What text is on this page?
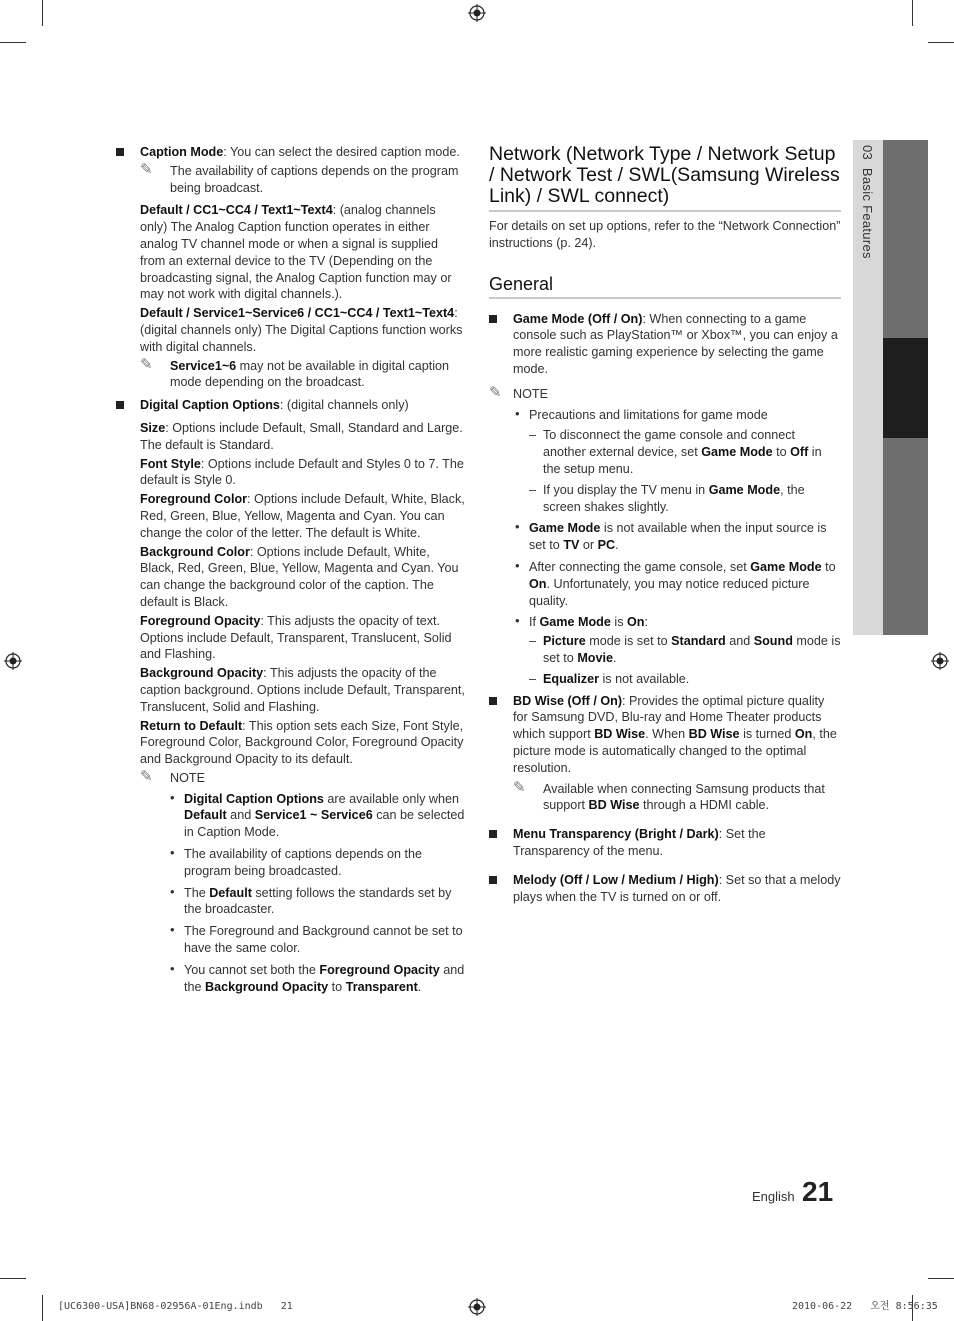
03  Basic Features
Caption Mode: You can select the desired caption mode.
✎ The availability of captions depends on the program being broadcast.
Default / CC1~CC4 / Text1~Text4: (analog channels only) The Analog Caption function operates in either analog TV channel mode or when a signal is supplied from an external device to the TV (Depending on the broadcasting signal, the Analog Caption function may or may not work with digital channels.).
Default / Service1~Service6 / CC1~CC4 / Text1~Text4: (digital channels only) The Digital Captions function works with digital channels.
✎ Service1~6 may not be available in digital caption mode depending on the broadcast.
Digital Caption Options: (digital channels only)
Size: Options include Default, Small, Standard and Large. The default is Standard.
Font Style: Options include Default and Styles 0 to 7. The default is Style 0.
Foreground Color: Options include Default, White, Black, Red, Green, Blue, Yellow, Magenta and Cyan. You can change the color of the letter. The default is White.
Background Color: Options include Default, White, Black, Red, Green, Blue, Yellow, Magenta and Cyan. You can change the background color of the caption. The default is Black.
Foreground Opacity: This adjusts the opacity of text. Options include Default, Transparent, Translucent, Solid and Flashing.
Background Opacity: This adjusts the opacity of the caption background. Options include Default, Transparent, Translucent, Solid and Flashing.
Return to Default: This option sets each Size, Font Style, Foreground Color, Background Color, Foreground Opacity and Background Opacity to its default.
✎ NOTE
• Digital Caption Options are available only when Default and Service1 ~ Service6 can be selected in Caption Mode.
• The availability of captions depends on the program being broadcasted.
• The Default setting follows the standards set by the broadcaster.
• The Foreground and Background cannot be set to have the same color.
• You cannot set both the Foreground Opacity and the Background Opacity to Transparent.
Network (Network Type / Network Setup / Network Test / SWL(Samsung Wireless Link) / SWL connect)
For details on set up options, refer to the “Network Connection” instructions (p. 24).
General
Game Mode (Off / On): When connecting to a game console such as PlayStation™ or Xbox™, you can enjoy a more realistic gaming experience by selecting the game mode.
✎ NOTE
• Precautions and limitations for game mode
– To disconnect the game console and connect another external device, set Game Mode to Off in the setup menu.
– If you display the TV menu in Game Mode, the screen shakes slightly.
• Game Mode is not available when the input source is set to TV or PC.
• After connecting the game console, set Game Mode to On. Unfortunately, you may notice reduced picture quality.
• If Game Mode is On:
– Picture mode is set to Standard and Sound mode is set to Movie.
– Equalizer is not available.
BD Wise (Off / On): Provides the optimal picture quality for Samsung DVD, Blu-ray and Home Theater products which support BD Wise. When BD Wise is turned On, the picture mode is automatically changed to the optimal resolution.
✎ Available when connecting Samsung products that support BD Wise through a HDMI cable.
Menu Transparency (Bright / Dark): Set the Transparency of the menu.
Melody (Off / Low / Medium / High): Set so that a melody plays when the TV is turned on or off.
English 21
[UC6300-USA]BN68-02956A-01Eng.indb   21	2010-06-22   오전 8:56:35
